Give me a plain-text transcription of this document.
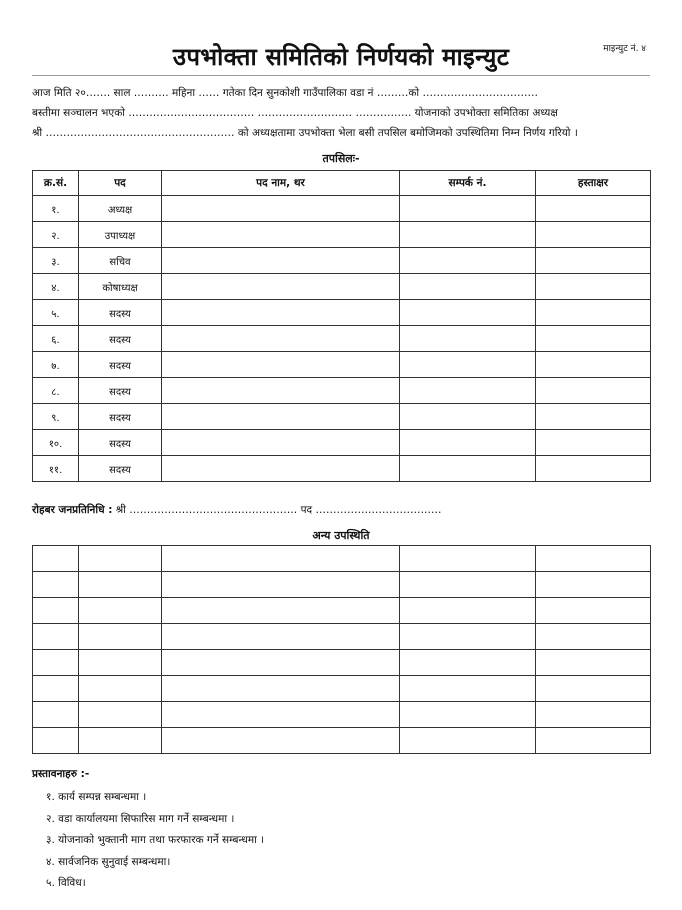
माइन्युट नं. ४
उपभोक्ता समितिको निर्णयको माइन्युट

आज मिति २०……. साल ………. महिना …… गतेका दिन सुनकोशी गाउँपालिका वडा नं ………को ……………………………

बस्तीमा सञ्चालन भएको ……………………………… ……………………… ……………. योजनाको उपभोक्ता समितिका अध्यक्ष

श्री ……………………………………………… को अध्यक्षतामा उपभोक्ता भेला बसी तपसिल बमोजिमको उपस्थितिमा निम्न निर्णय गरियो ।

तपसिलः-
क्र.सं.	पद	पद नाम, थर	सम्पर्क नं.	हस्ताक्षर
१.	अध्यक्ष			
२.	उपाध्यक्ष			
३.	सचिव			
४.	कोषाध्यक्ष			
५.	सदस्य			
६.	सदस्य			
७.	सदस्य			
८.	सदस्य			
९.	सदस्य			
१०.	सदस्य			
११.	सदस्य			
रोहबर जनप्रतिनिधि : श्री ………………………………………… पद ………………………………
अन्य उपस्थिति

प्रस्तावनाहरु :-
१. कार्य सम्पन्न सम्बन्धमा ।
२. वडा कार्यालयमा सिफारिस माग गर्ने सम्बन्धमा ।
३. योजनाको भुक्तानी माग तथा फरफारक गर्ने सम्बन्धमा ।
४. सार्वजनिक सुनुवाई सम्बन्धमा।
५. विविध।
